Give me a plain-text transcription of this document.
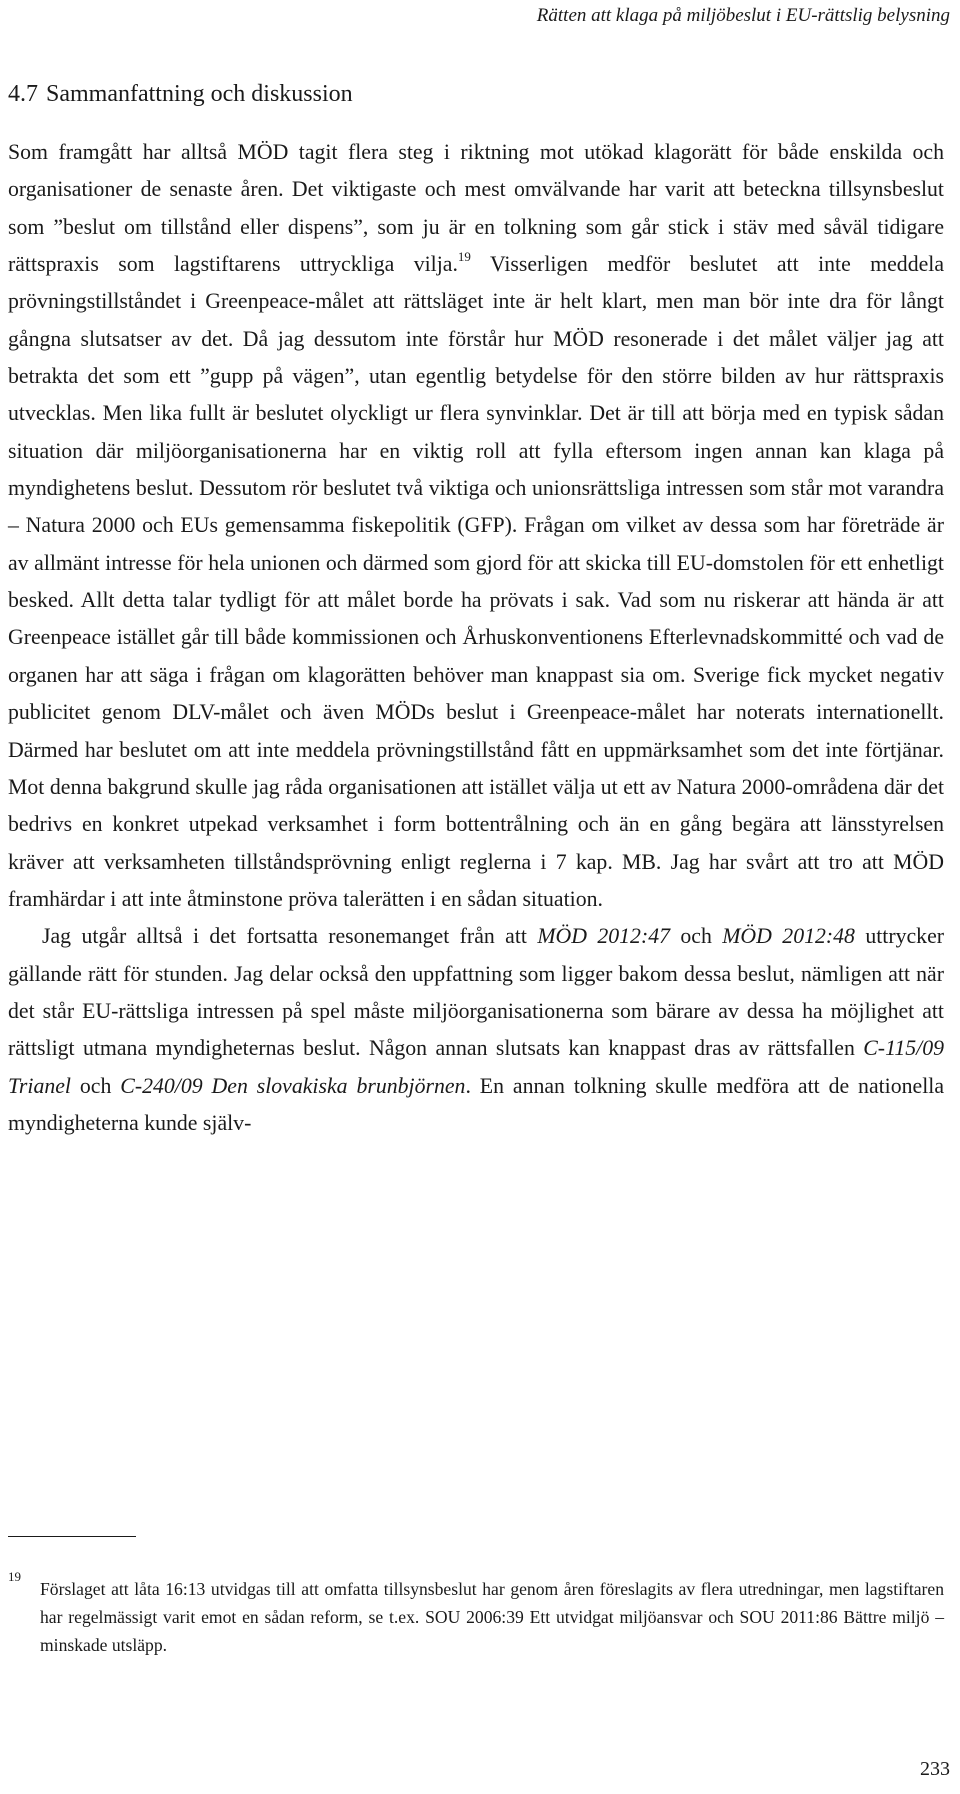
Rätten att klaga på miljöbeslut i EU-rättslig belysning
4.7 Sammanfattning och diskussion

Som framgått har alltså MÖD tagit flera steg i riktning mot utökad klagorätt för både enskilda och organisationer de senaste åren. Det viktigaste och mest omvälvande har varit att beteckna tillsynsbeslut som ”beslut om tillstånd eller dispens”, som ju är en tolkning som går stick i stäv med såväl tidigare rättspraxis som lagstiftarens uttryckliga vilja.$^{19}$ Visserligen medför beslutet att inte meddela prövningstillståndet i Greenpeace-målet att rättsläget inte är helt klart, men man bör inte dra för långt gångna slutsatser av det. Då jag dessutom inte förstår hur MÖD resonerade i det målet väljer jag att betrakta det som ett ”gupp på vägen”, utan egentlig betydelse för den större bilden av hur rättspraxis utvecklas. Men lika fullt är beslutet olyckligt ur flera synvinklar. Det är till att börja med en typisk sådan situation där miljöorganisationerna har en viktig roll att fylla eftersom ingen annan kan klaga på myndighetens beslut. Dessutom rör beslutet två viktiga och unionsrättsliga intressen som står mot varandra – Natura 2000 och EUs gemensamma fiskepolitik (GFP). Frågan om vilket av dessa som har företräde är av allmänt intresse för hela unionen och därmed som gjord för att skicka till EU-domstolen för ett enhetligt besked. Allt detta talar tydligt för att målet borde ha prövats i sak. Vad som nu riskerar att hända är att Greenpeace istället går till både kommissionen och Århuskonventionens Efterlevnadskommitté och vad de organen har att säga i frågan om klagorätten behöver man knappast sia om. Sverige fick mycket negativ publicitet genom DLV-målet och även MÖDs beslut i Greenpeace-målet har noterats internationellt. Därmed har beslutet om att inte meddela prövningstillstånd fått en uppmärksamhet som det inte förtjänar. Mot denna bakgrund skulle jag råda organisationen att istället välja ut ett av Natura 2000-områdena där det bedrivs en konkret utpekad verksamhet i form bottentrålning och än en gång begära att länsstyrelsen kräver att verksamheten tillståndsprövning enligt reglerna i 7 kap. MB. Jag har svårt att tro att MÖD framhärdar i att inte åtminstone pröva talerätten i en sådan situation.

Jag utgår alltså i det fortsatta resonemanget från att MÖD 2012:47 och MÖD 2012:48 uttrycker gällande rätt för stunden. Jag delar också den uppfattning som ligger bakom dessa beslut, nämligen att när det står EU-rättsliga intressen på spel måste miljöorganisationerna som bärare av dessa ha möjlighet att rättsligt utmana myndigheternas beslut. Någon annan slutsats kan knappast dras av rättsfallen C-115/09 Trianel och C-240/09 Den slovakiska brunbjörnen. En annan tolkning skulle medföra att de nationella myndigheterna kunde själv-

19
Förslaget att låta 16:13 utvidgas till att omfatta tillsynsbeslut har genom åren föreslagits av flera utredningar, men lagstiftaren har regelmässigt varit emot en sådan reform, se t.ex. SOU 2006:39 Ett utvidgat miljöansvar och SOU 2011:86 Bättre miljö – minskade utsläpp.
233
